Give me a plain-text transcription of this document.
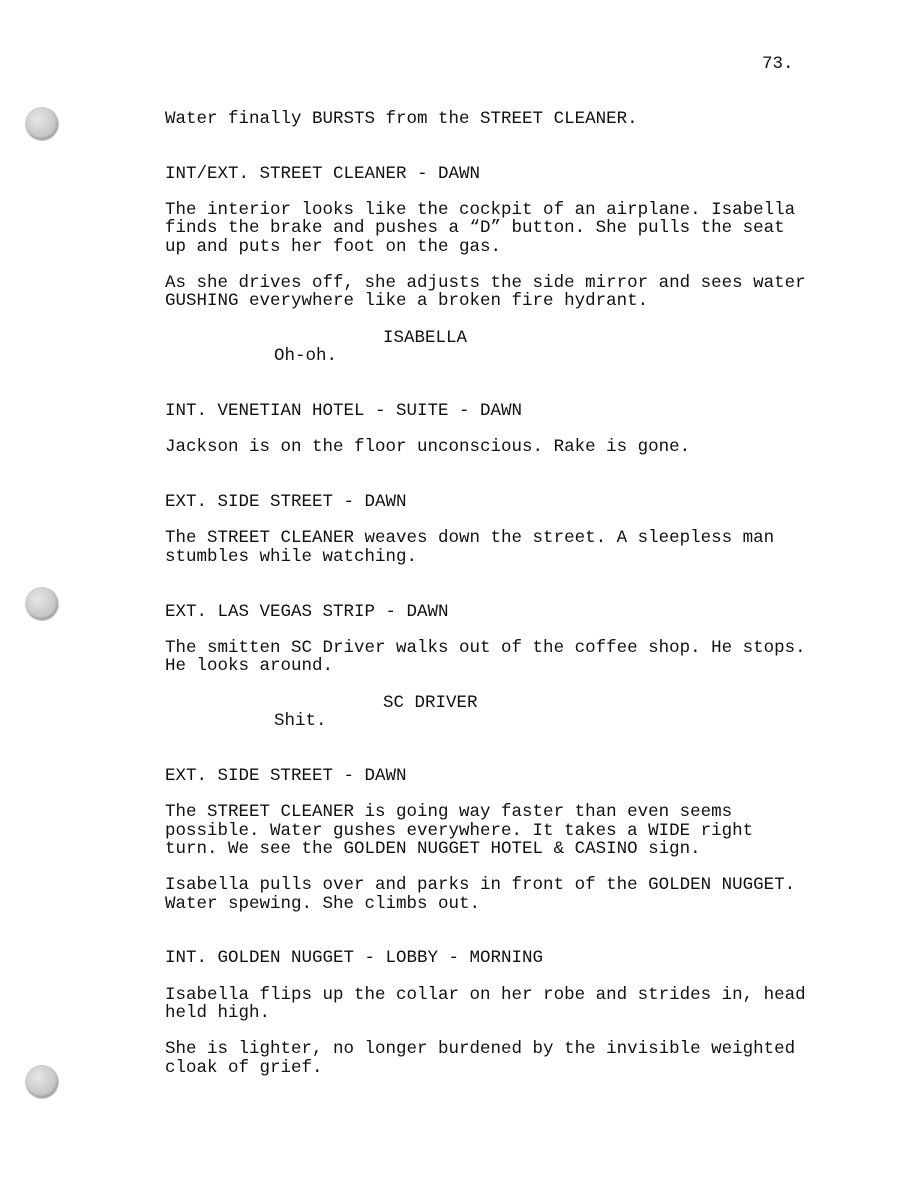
73.
Water finally BURSTS from the STREET CLEANER.
INT/EXT. STREET CLEANER - DAWN
The interior looks like the cockpit of an airplane. Isabella
finds the brake and pushes a “D” button. She pulls the seat
up and puts her foot on the gas.
As she drives off, she adjusts the side mirror and sees water
GUSHING everywhere like a broken fire hydrant.
ISABELLA
Oh-oh.
INT. VENETIAN HOTEL - SUITE - DAWN
Jackson is on the floor unconscious. Rake is gone.
EXT. SIDE STREET - DAWN
The STREET CLEANER weaves down the street. A sleepless man
stumbles while watching.
EXT. LAS VEGAS STRIP - DAWN
The smitten SC Driver walks out of the coffee shop. He stops.
He looks around.
SC DRIVER
Shit.
EXT. SIDE STREET - DAWN
The STREET CLEANER is going way faster than even seems
possible. Water gushes everywhere. It takes a WIDE right
turn. We see the GOLDEN NUGGET HOTEL & CASINO sign.
Isabella pulls over and parks in front of the GOLDEN NUGGET.
Water spewing. She climbs out.
INT. GOLDEN NUGGET - LOBBY - MORNING
Isabella flips up the collar on her robe and strides in, head
held high.
She is lighter, no longer burdened by the invisible weighted
cloak of grief.
